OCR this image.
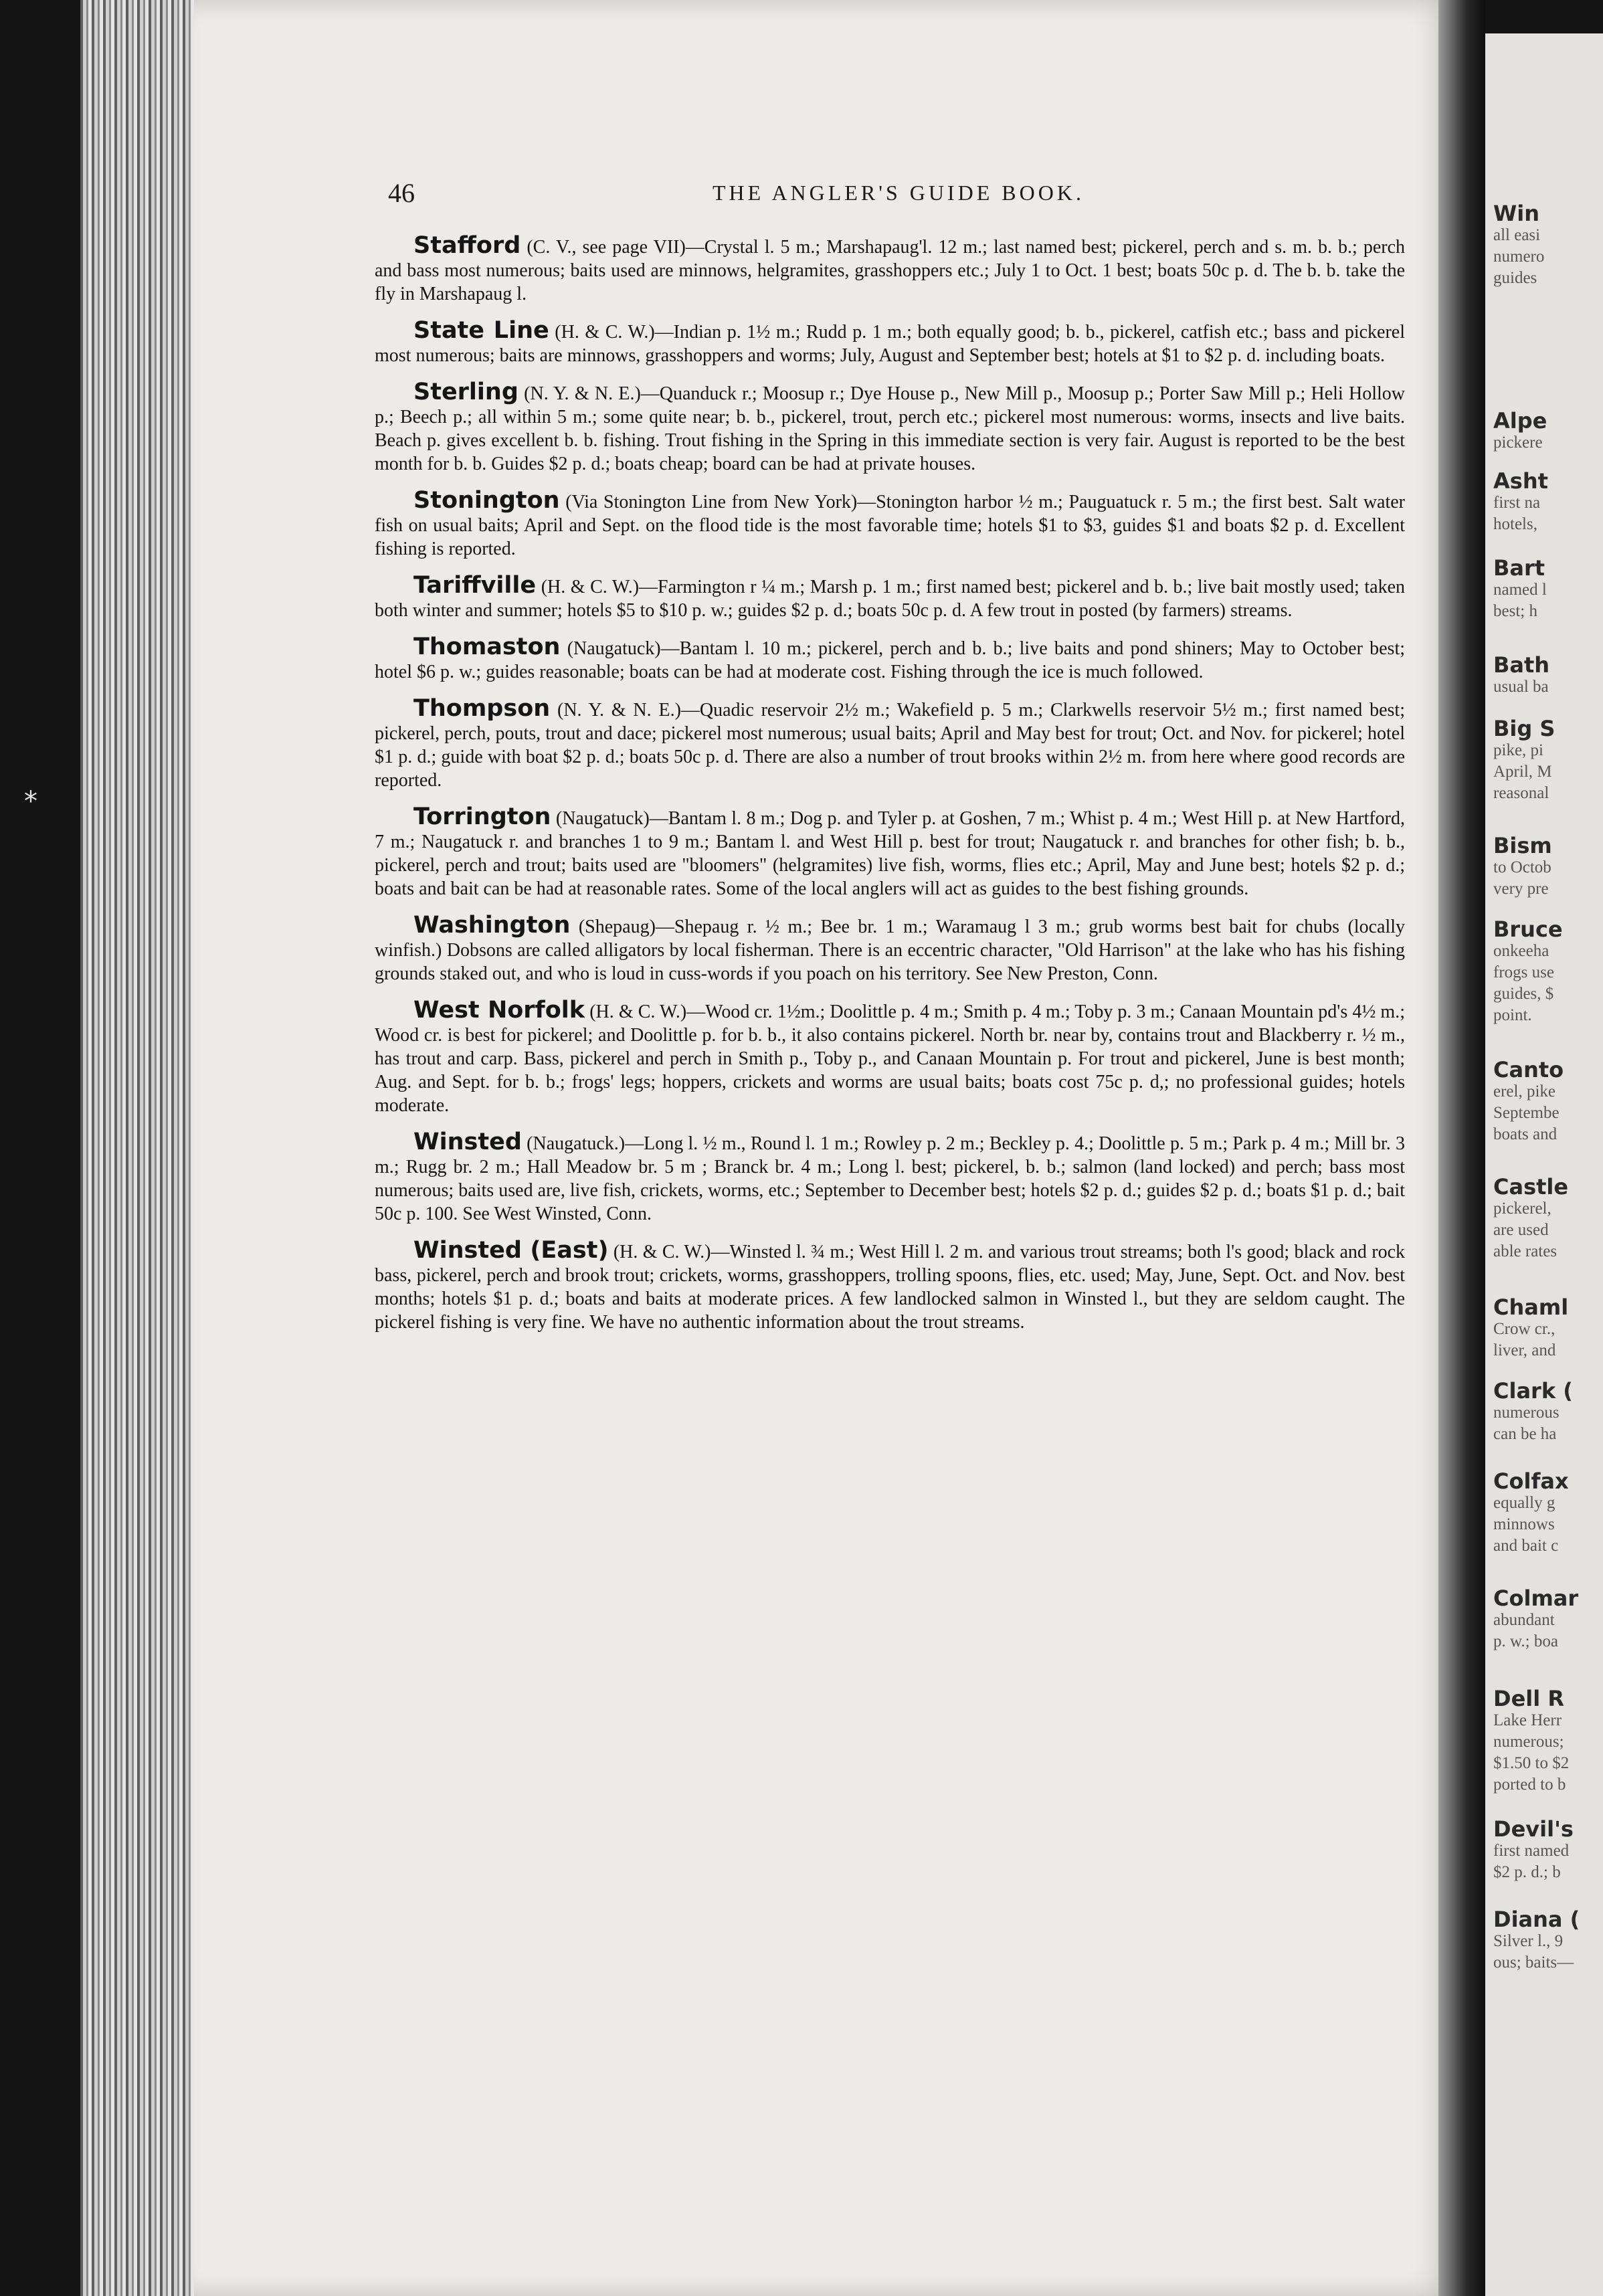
*
46	THE ANGLER'S GUIDE BOOK.

Stafford (C. V., see page VII)—Crystal l. 5 m.; Marshapaug'l. 12 m.; last named best; pickerel, perch and s. m. b. b.; perch and bass most numerous; baits used are minnows, helgramites, grasshoppers etc.; July 1 to Oct. 1 best; boats 50c p. d. The b. b. take the fly in Marshapaug l.

State Line (H. & C. W.)—Indian p. 1½ m.; Rudd p. 1 m.; both equally good; b. b., pickerel, catfish etc.; bass and pickerel most numerous; baits are minnows, grasshoppers and worms; July, August and September best; hotels at $1 to $2 p. d. including boats.

Sterling (N. Y. & N. E.)—Quanduck r.; Moosup r.; Dye House p., New Mill p., Moosup p.; Porter Saw Mill p.; Heli Hollow p.; Beech p.; all within 5 m.; some quite near; b. b., pickerel, trout, perch etc.; pickerel most numerous: worms, insects and live baits. Beach p. gives excellent b. b. fishing. Trout fishing in the Spring in this immediate section is very fair. August is reported to be the best month for b. b. Guides $2 p. d.; boats cheap; board can be had at private houses.

Stonington (Via Stonington Line from New York)—Stonington harbor ½ m.; Pauguatuck r. 5 m.; the first best. Salt water fish on usual baits; April and Sept. on the flood tide is the most favorable time; hotels $1 to $3, guides $1 and boats $2 p. d. Excellent fishing is reported.

Tariffville (H. & C. W.)—Farmington r ¼ m.; Marsh p. 1 m.; first named best; pickerel and b. b.; live bait mostly used; taken both winter and summer; hotels $5 to $10 p. w.; guides $2 p. d.; boats 50c p. d. A few trout in posted (by farmers) streams.

Thomaston (Naugatuck)—Bantam l. 10 m.; pickerel, perch and b. b.; live baits and pond shiners; May to October best; hotel $6 p. w.; guides reasonable; boats can be had at moderate cost. Fishing through the ice is much followed.

Thompson (N. Y. & N. E.)—Quadic reservoir 2½ m.; Wakefield p. 5 m.; Clarkwells reservoir 5½ m.; first named best; pickerel, perch, pouts, trout and dace; pickerel most numerous; usual baits; April and May best for trout; Oct. and Nov. for pickerel; hotel $1 p. d.; guide with boat $2 p. d.; boats 50c p. d. There are also a number of trout brooks within 2½ m. from here where good records are reported.

Torrington (Naugatuck)—Bantam l. 8 m.; Dog p. and Tyler p. at Goshen, 7 m.; Whist p. 4 m.; West Hill p. at New Hartford, 7 m.; Naugatuck r. and branches 1 to 9 m.; Bantam l. and West Hill p. best for trout; Naugatuck r. and branches for other fish; b. b., pickerel, perch and trout; baits used are "bloomers" (helgramites) live fish, worms, flies etc.; April, May and June best; hotels $2 p. d.; boats and bait can be had at reasonable rates. Some of the local anglers will act as guides to the best fishing grounds.

Washington (Shepaug)—Shepaug r. ½ m.; Bee br. 1 m.; Waramaug l 3 m.; grub worms best bait for chubs (locally winfish.) Dobsons are called alligators by local fisherman. There is an eccentric character, "Old Harrison" at the lake who has his fishing grounds staked out, and who is loud in cuss-words if you poach on his territory. See New Preston, Conn.

West Norfolk (H. & C. W.)—Wood cr. 1½m.; Doolittle p. 4 m.; Smith p. 4 m.; Toby p. 3 m.; Canaan Mountain pd's 4½ m.; Wood cr. is best for pickerel; and Doolittle p. for b. b., it also contains pickerel. North br. near by, contains trout and Blackberry r. ½ m., has trout and carp. Bass, pickerel and perch in Smith p., Toby p., and Canaan Mountain p. For trout and pickerel, June is best month; Aug. and Sept. for b. b.; frogs' legs; hoppers, crickets and worms are usual baits; boats cost 75c p. d,; no professional guides; hotels moderate.

Winsted (Naugatuck.)—Long l. ½ m., Round l. 1 m.; Rowley p. 2 m.; Beckley p. 4.; Doolittle p. 5 m.; Park p. 4 m.; Mill br. 3 m.; Rugg br. 2 m.; Hall Meadow br. 5 m ; Branck br. 4 m.; Long l. best; pickerel, b. b.; salmon (land locked) and perch; bass most numerous; baits used are, live fish, crickets, worms, etc.; September to December best; hotels $2 p. d.; guides $2 p. d.; boats $1 p. d.; bait 50c p. 100. See West Winsted, Conn.

Winsted (East) (H. & C. W.)—Winsted l. ¾ m.; West Hill l. 2 m. and various trout streams; both l's good; black and rock bass, pickerel, perch and brook trout; crickets, worms, grasshoppers, trolling spoons, flies, etc. used; May, June, Sept. Oct. and Nov. best months; hotels $1 p. d.; boats and baits at moderate prices. A few landlocked salmon in Winsted l., but they are seldom caught. The pickerel fishing is very fine. We have no authentic information about the trout streams.

Win
all easi
numero
guides
Alpe
pickere
Asht
first na
hotels,
Bart
named l
best; h
Bath
usual ba
Big S
pike, pi
April, M
reasonal
Bism
to Octob
very pre
Bruce
onkeeha
frogs use
guides, $
point.
Canto
erel, pike
Septembe
boats and
Castle
pickerel,
are used
able rates
Chaml
Crow cr.,
liver, and
Clark (
numerous
can be ha
Colfax
equally g
minnows
and bait c
Colmar
abundant
p. w.; boa
Dell R
Lake Herr
numerous;
$1.50 to $2
ported to b
Devil's
first named
$2 p. d.; b
Diana (
Silver l., 9
ous; baits—
